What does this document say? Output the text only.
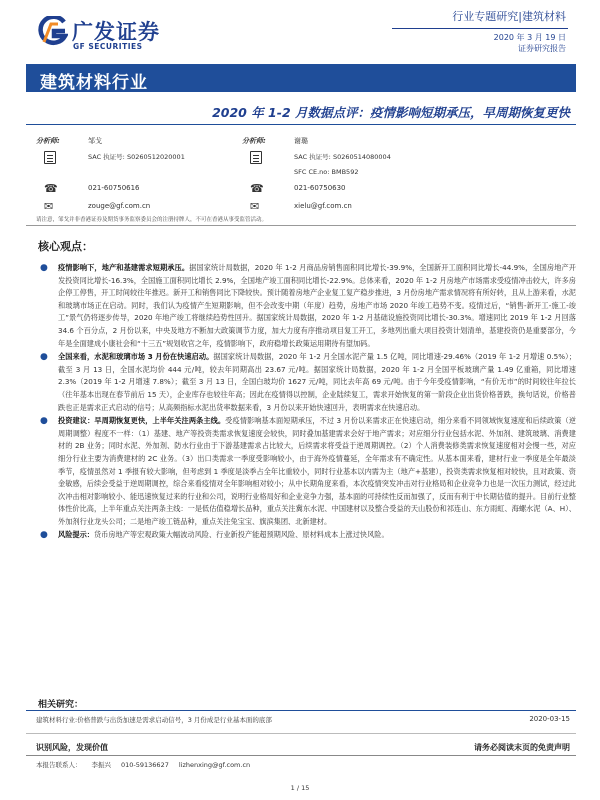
广发证券
GF SECURITIES
行业专题研究|建筑材料
2020 年 3 月 19 日
证券研究报告
建筑材料行业
2020 年 1-2 月数据点评：疫情影响短期承压，早周期恢复更快
分析师:	邹戈
SAC 执证号: S0260512020001
☎	021-60750616
✉	zouge@gf.com.cn
分析师:	谢璐
SAC 执证号: S0260514080004
SFC CE.no: BMB592
☎	021-60750630
✉	xielu@gf.com.cn
请注意，邹戈并非香港证券及期货事务监察委员会的注册持牌人，不可在香港从事受监管活动。
核心观点：
● 疫情影响下，地产和基建需求短期承压。据国家统计局数据，2020 年 1-2 月商品房销售面积同比增长-39.9%，全国新开工面积同比增长-44.9%，全国房地产开发投资同比增长-16.3%，全国施工面积同比增长 2.9%，全国地产竣工面积同比增长-22.9%。总体来看，2020 年 1-2 月房地产市场需求受疫情冲击较大，许多房企停工停售，开工时间较往年推迟。新开工和销售同比下降较快。预计随着房地产企业复工复产稳步推进，3 月份房地产需求情况将有所好转，且从上游来看，水泥和玻璃市场正在启动。同时，我们认为疫情产生短期影响，但不会改变中期（年度）趋势，房地产市场 2020 年竣工趋势不变。疫情过后，“销售-新开工-施工-竣工”景气仍将逐步传导，2020 年地产竣工将继续趋势性回升。据国家统计局数据，2020 年 1-2 月基础设施投资同比增长-30.3%。增速同比 2019 年 1-2 月回落 34.6 个百分点，2 月份以来，中央及地方不断加大政策调节力度，加大力度有序推动项目复工开工，多地列出重大项目投资计划清单，基建投资仍是重要部分，今年是全面建成小康社会和“十三五”规划收官之年，疫情影响下，政府稳增长政策运用期待有望加码。
● 全国来看，水泥和玻璃市场 3 月份在快速启动。据国家统计局数据，2020 年 1-2 月全国水泥产量 1.5 亿吨，同比增速-29.46%（2019 年 1-2 月增速 0.5%）；截至 3 月 13 日，全国水泥均价 444 元/吨，较去年同期高出 23.67 元/吨。据国家统计局数据，2020 年 1-2 月全国平板玻璃产量 1.49 亿重箱，同比增速 2.3%（2019 年 1-2 月增速 7.8%）；截至 3 月 13 日，全国白玻均价 1627 元/吨，同比去年高 69 元/吨。由于今年受疫情影响，“有价无市”的时间较往年拉长（往年基本出现在春节前后 15 天），企业库存也较往年高；因此在疫情得以控制，企业陆续复工，需求开始恢复的第一阶段企业出货价格普跌，换句话说，价格普跌也正是需求正式启动的信号；从高频指标水泥出货率数据来看，3 月份以来开始快速回升，表明需求在快速启动。
● 投资建议：早周期恢复更快，上半年关注两条主线。受疫情影响基本面短期承压，不过 3 月份以来需求正在快速启动，细分来看不同领域恢复速度和后续政策（逆周期调整）程度不一样：（1）基建、地产等投资类需求恢复速度会较快，同时叠加基建需求会好于地产需求；对应细分行业包括水泥、外加剂、建筑玻璃、消费建材的 2B 业务；同时水泥、外加剂、防水行业由于下游基建需求占比较大，后续需求将受益于逆周期调控。（2）个人消费装修类需求恢复速度相对会慢一些，对应细分行业主要为消费建材的 2C 业务。（3）出口类需求一季度受影响较小，由于海外疫情蔓延，全年需求有不确定性。从基本面来看，建材行业一季度是全年最淡季节，疫情虽然对 1 季报有较大影响，但考虑到 1 季度是淡季占全年比重较小，同时行业基本以内需为主（地产+基建），投资类需求恢复相对较快，且对政策、资金敏感，后续会受益于逆周期调控，综合来看疫情对全年影响相对较小；从中长期角度来看，本次疫情突发冲击对行业格局和企业竞争力也是一次压力测试，经过此次冲击相对影响较小、能迅速恢复过来的行业和公司，说明行业格局好和企业竞争力强，基本面的可持续性反而加强了，反而有利于中长期估值的提升。目前行业整体性价比高，上半年重点关注两条主线：一是低估值稳增长品种，重点关注冀东水泥、中国建材以及整合受益的天山股份和祁连山、东方雨虹、海螺水泥（A、H）、外加剂行业龙头公司；二是地产竣工链品种，重点关注兔宝宝、旗滨集团、北新建材。
● 风险提示：货币房地产等宏观政策大幅波动风险、行业新投产能超预期风险、原材料成本上涨过快风险。
相关研究：
建筑材料行业:价格普跌与出货加速是需求启动信号，3 月份成是行业基本面的底部	2020-03-15
识别风险，发现价值	请务必阅读末页的免责声明
本报告联系人： 李振兴 010-59136627 lizhenxing@gf.com.cn
1 / 15
